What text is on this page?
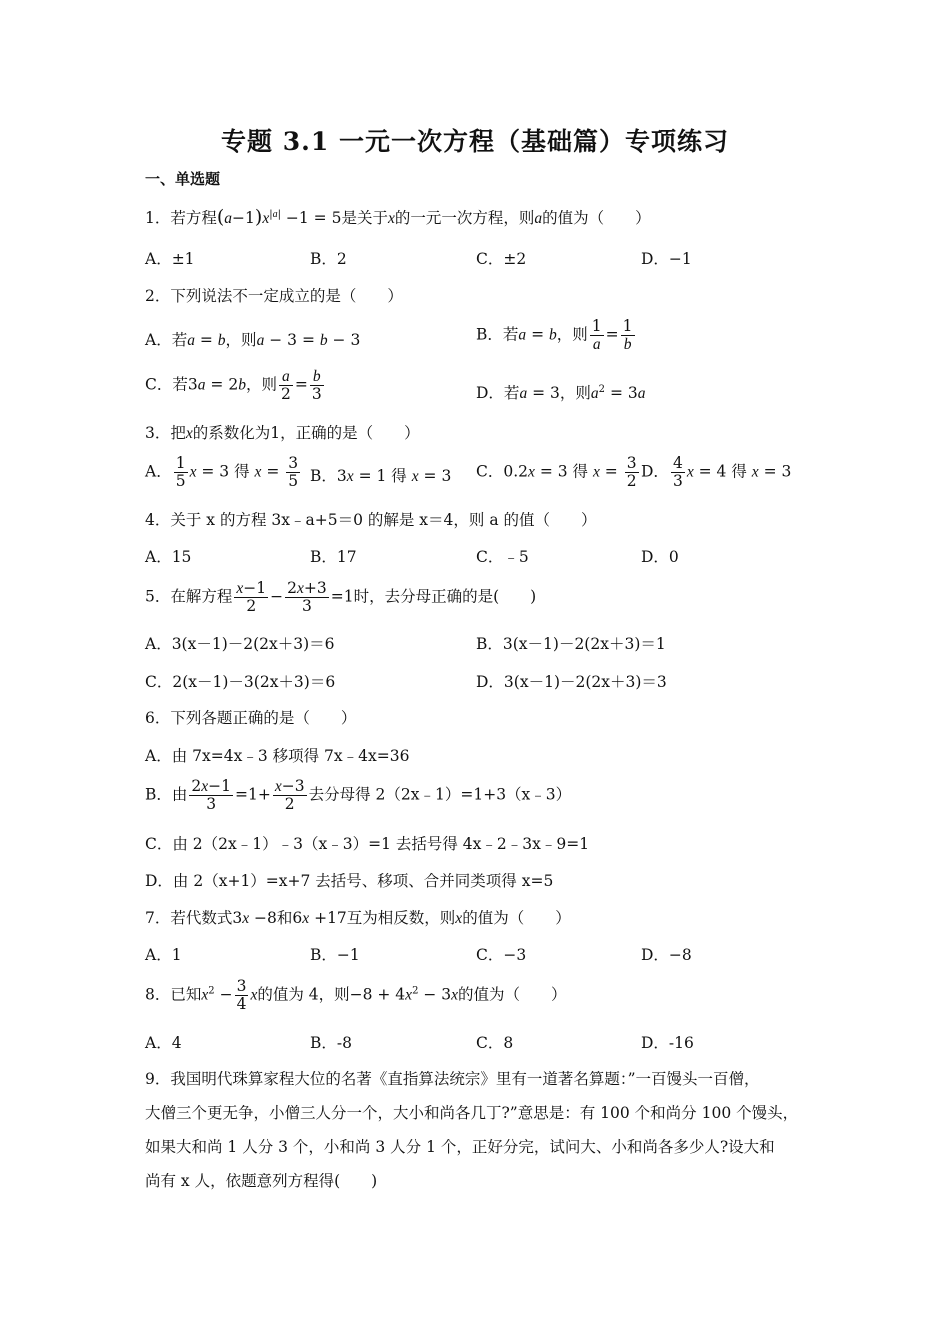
专题 3.1 一元一次方程（基础篇）专项练习
一、单选题
1．若方程$(a-1)x^{|a|} -1 = 5$是关于x的一元一次方程，则a的值为（　　）
A．±1	B．2	C．±2	D．−1
2．下列说法不一定成立的是（　　）
A．若a = b，则a − 3 = b − 3	B．若a = b，则 $\frac{1}{a} = \frac{1}{b}$
C．若3a = 2b，则 $\frac{a}{2} = \frac{b}{3}$	D．若a = 3，则$a^2 = 3a$
3．把x的系数化为1，正确的是（　　）
A． $\frac{1}{5}$ x = 3 得 $x = \frac{3}{5}$ B．3x = 1 得 x = 3 C．0.2x = 3 得 $x = \frac{3}{2}$ D． $\frac{4}{3}$ x = 4 得 x = 3
4．关于 x 的方程 3x﹣a+5＝0 的解是 x＝4，则 a 的值（　　）
A．15	B．17	C．﹣5	D．0
5．在解方程 $\frac{x-1}{2} - \frac{2x+3}{3} =1$时，去分母正确的是(　　)
A．3(x－1)－2(2x＋3)＝6	B．3(x－1)－2(2x＋3)＝1
C．2(x－1)－3(2x＋3)＝6	D．3(x－1)－2(2x＋3)＝3
6．下列各题正确的是（　　）
A．由 7x=4x﹣3 移项得 7x﹣4x=36
B．由 $\frac{2x-1}{3} =1+ \frac{x-3}{2}$ 去分母得 2（2x﹣1）=1+3（x﹣3）
C．由 2（2x﹣1）﹣3（x﹣3）=1 去括号得 4x﹣2﹣3x﹣9=1
D．由 2（x+1）=x+7 去括号、移项、合并同类项得 x=5
7．若代数式3x −8和6x +17互为相反数，则x的值为（　　）
A．1	B．−1	C．−3	D．−8
8．已知$x^2 - \frac{3}{4}$ x的值为 4，则$-8 + 4x^2 - 3x$的值为（　　）
A．4	B．-8	C．8	D．-16
9．我国明代珠算家程大位的名著《直指算法统宗》里有一道著名算题：”一百馒头一百僧，
大僧三个更无争，小僧三人分一个，大小和尚各几丁?”意思是：有 100 个和尚分 100 个馒头，
如果大和尚 1 人分 3 个，小和尚 3 人分 1 个，正好分完，试问大、小和尚各多少人?设大和
尚有 x 人，依题意列方程得(　　)
